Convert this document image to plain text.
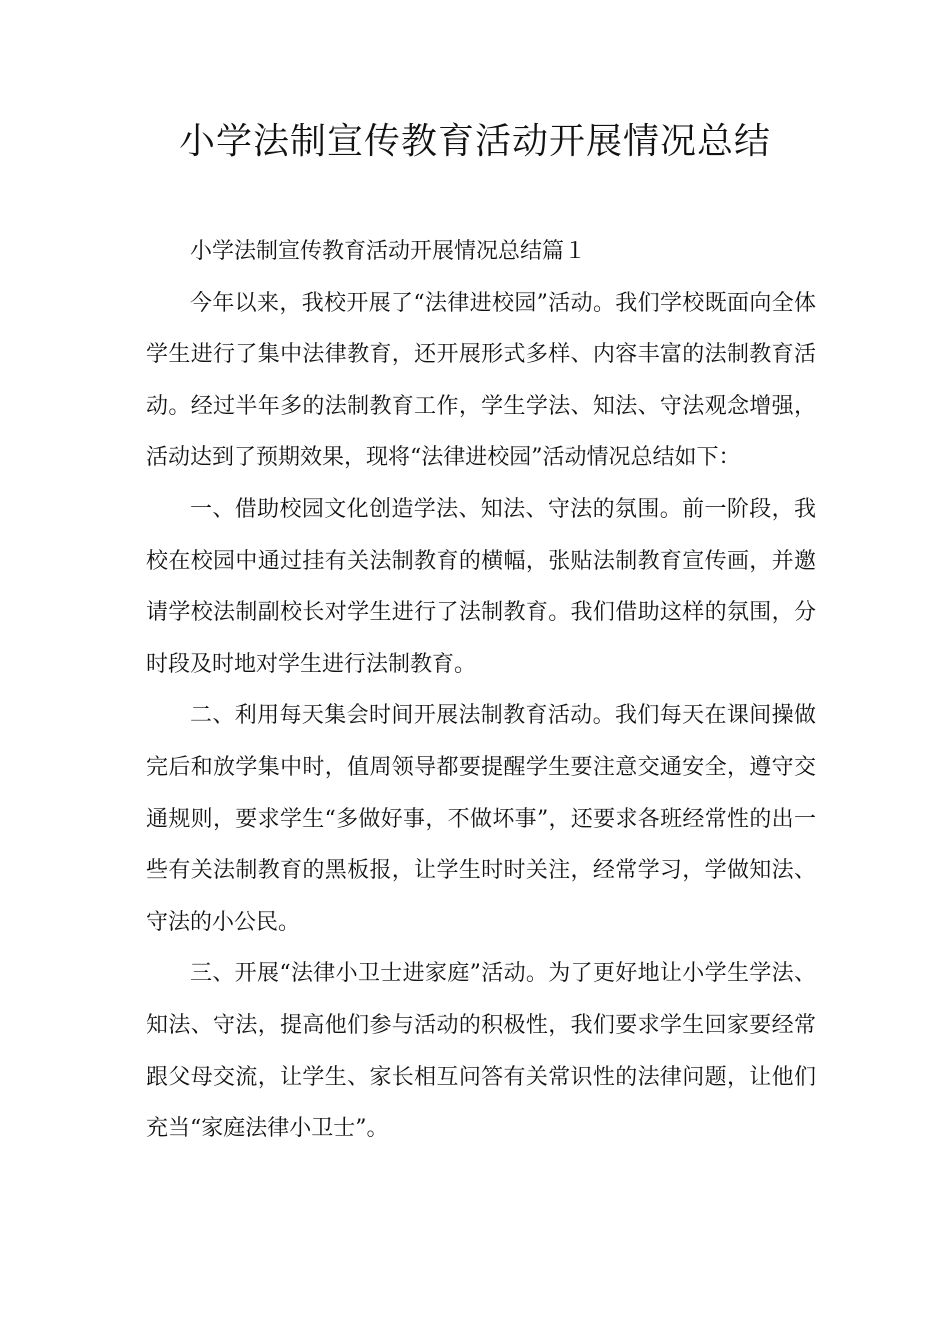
小学法制宣传教育活动开展情况总结

小学法制宣传教育活动开展情况总结篇１

今年以来，我校开展了“法律进校园”活动。我们学校既面向全体学生进行了集中法律教育，还开展形式多样、内容丰富的法制教育活动。经过半年多的法制教育工作，学生学法、知法、守法观念增强，活动达到了预期效果，现将“法律进校园”活动情况总结如下：

一、借助校园文化创造学法、知法、守法的氛围。前一阶段，我校在校园中通过挂有关法制教育的横幅，张贴法制教育宣传画，并邀请学校法制副校长对学生进行了法制教育。我们借助这样的氛围，分时段及时地对学生进行法制教育。

二、利用每天集会时间开展法制教育活动。我们每天在课间操做完后和放学集中时，值周领导都要提醒学生要注意交通安全，遵守交通规则，要求学生“多做好事，不做坏事”，还要求各班经常性的出一些有关法制教育的黑板报，让学生时时关注，经常学习，学做知法、守法的小公民。

三、开展“法律小卫士进家庭”活动。为了更好地让小学生学法、知法、守法，提高他们参与活动的积极性，我们要求学生回家要经常跟父母交流，让学生、家长相互问答有关常识性的法律问题，让他们充当“家庭法律小卫士”。
